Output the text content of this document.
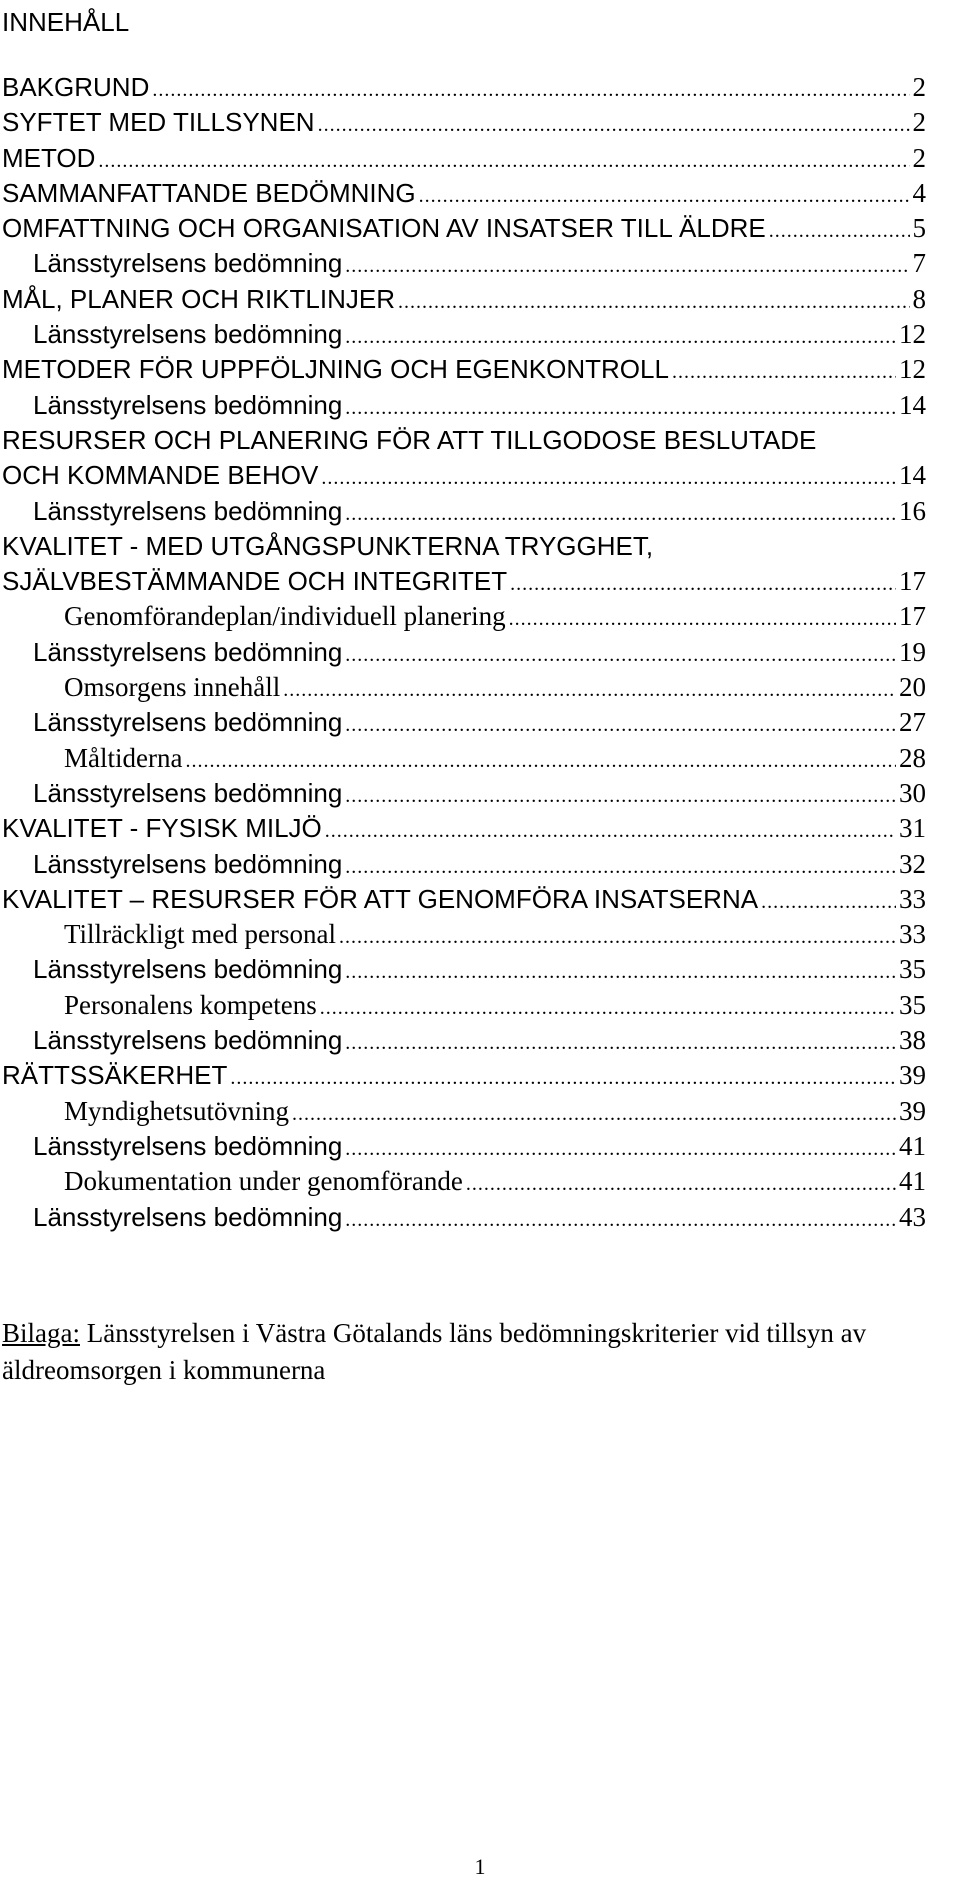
INNEHÅLL
BAKGRUND .....	2
SYFTET MED TILLSYNEN .....	2
METOD .....	2
SAMMANFATTANDE BEDÖMNING .....	4
OMFATTNING OCH ORGANISATION AV INSATSER TILL ÄLDRE .....	5
Länsstyrelsens bedömning .....	7
MÅL, PLANER OCH RIKTLINJER .....	8
Länsstyrelsens bedömning .....	12
METODER FÖR UPPFÖLJNING OCH EGENKONTROLL .....	12
Länsstyrelsens bedömning .....	14
RESURSER OCH PLANERING FÖR ATT TILLGODOSE BESLUTADE
OCH KOMMANDE BEHOV .....	14
Länsstyrelsens bedömning .....	16
KVALITET - MED UTGÅNGSPUNKTERNA TRYGGHET,
SJÄLVBESTÄMMANDE OCH INTEGRITET .....	17
Genomförandeplan/individuell planering .....	17
Länsstyrelsens bedömning .....	19
Omsorgens innehåll .....	20
Länsstyrelsens bedömning .....	27
Måltiderna .....	28
Länsstyrelsens bedömning .....	30
KVALITET - FYSISK MILJÖ .....	31
Länsstyrelsens bedömning .....	32
KVALITET – RESURSER FÖR ATT GENOMFÖRA INSATSERNA .....	33
Tillräckligt med personal .....	33
Länsstyrelsens bedömning .....	35
Personalens kompetens .....	35
Länsstyrelsens bedömning .....	38
RÄTTSSÄKERHET .....	39
Myndighetsutövning .....	39
Länsstyrelsens bedömning .....	41
Dokumentation under genomförande .....	41
Länsstyrelsens bedömning .....	43
Bilaga: Länsstyrelsen i Västra Götalands läns bedömningskriterier vid tillsyn av äldreomsorgen i kommunerna
1
